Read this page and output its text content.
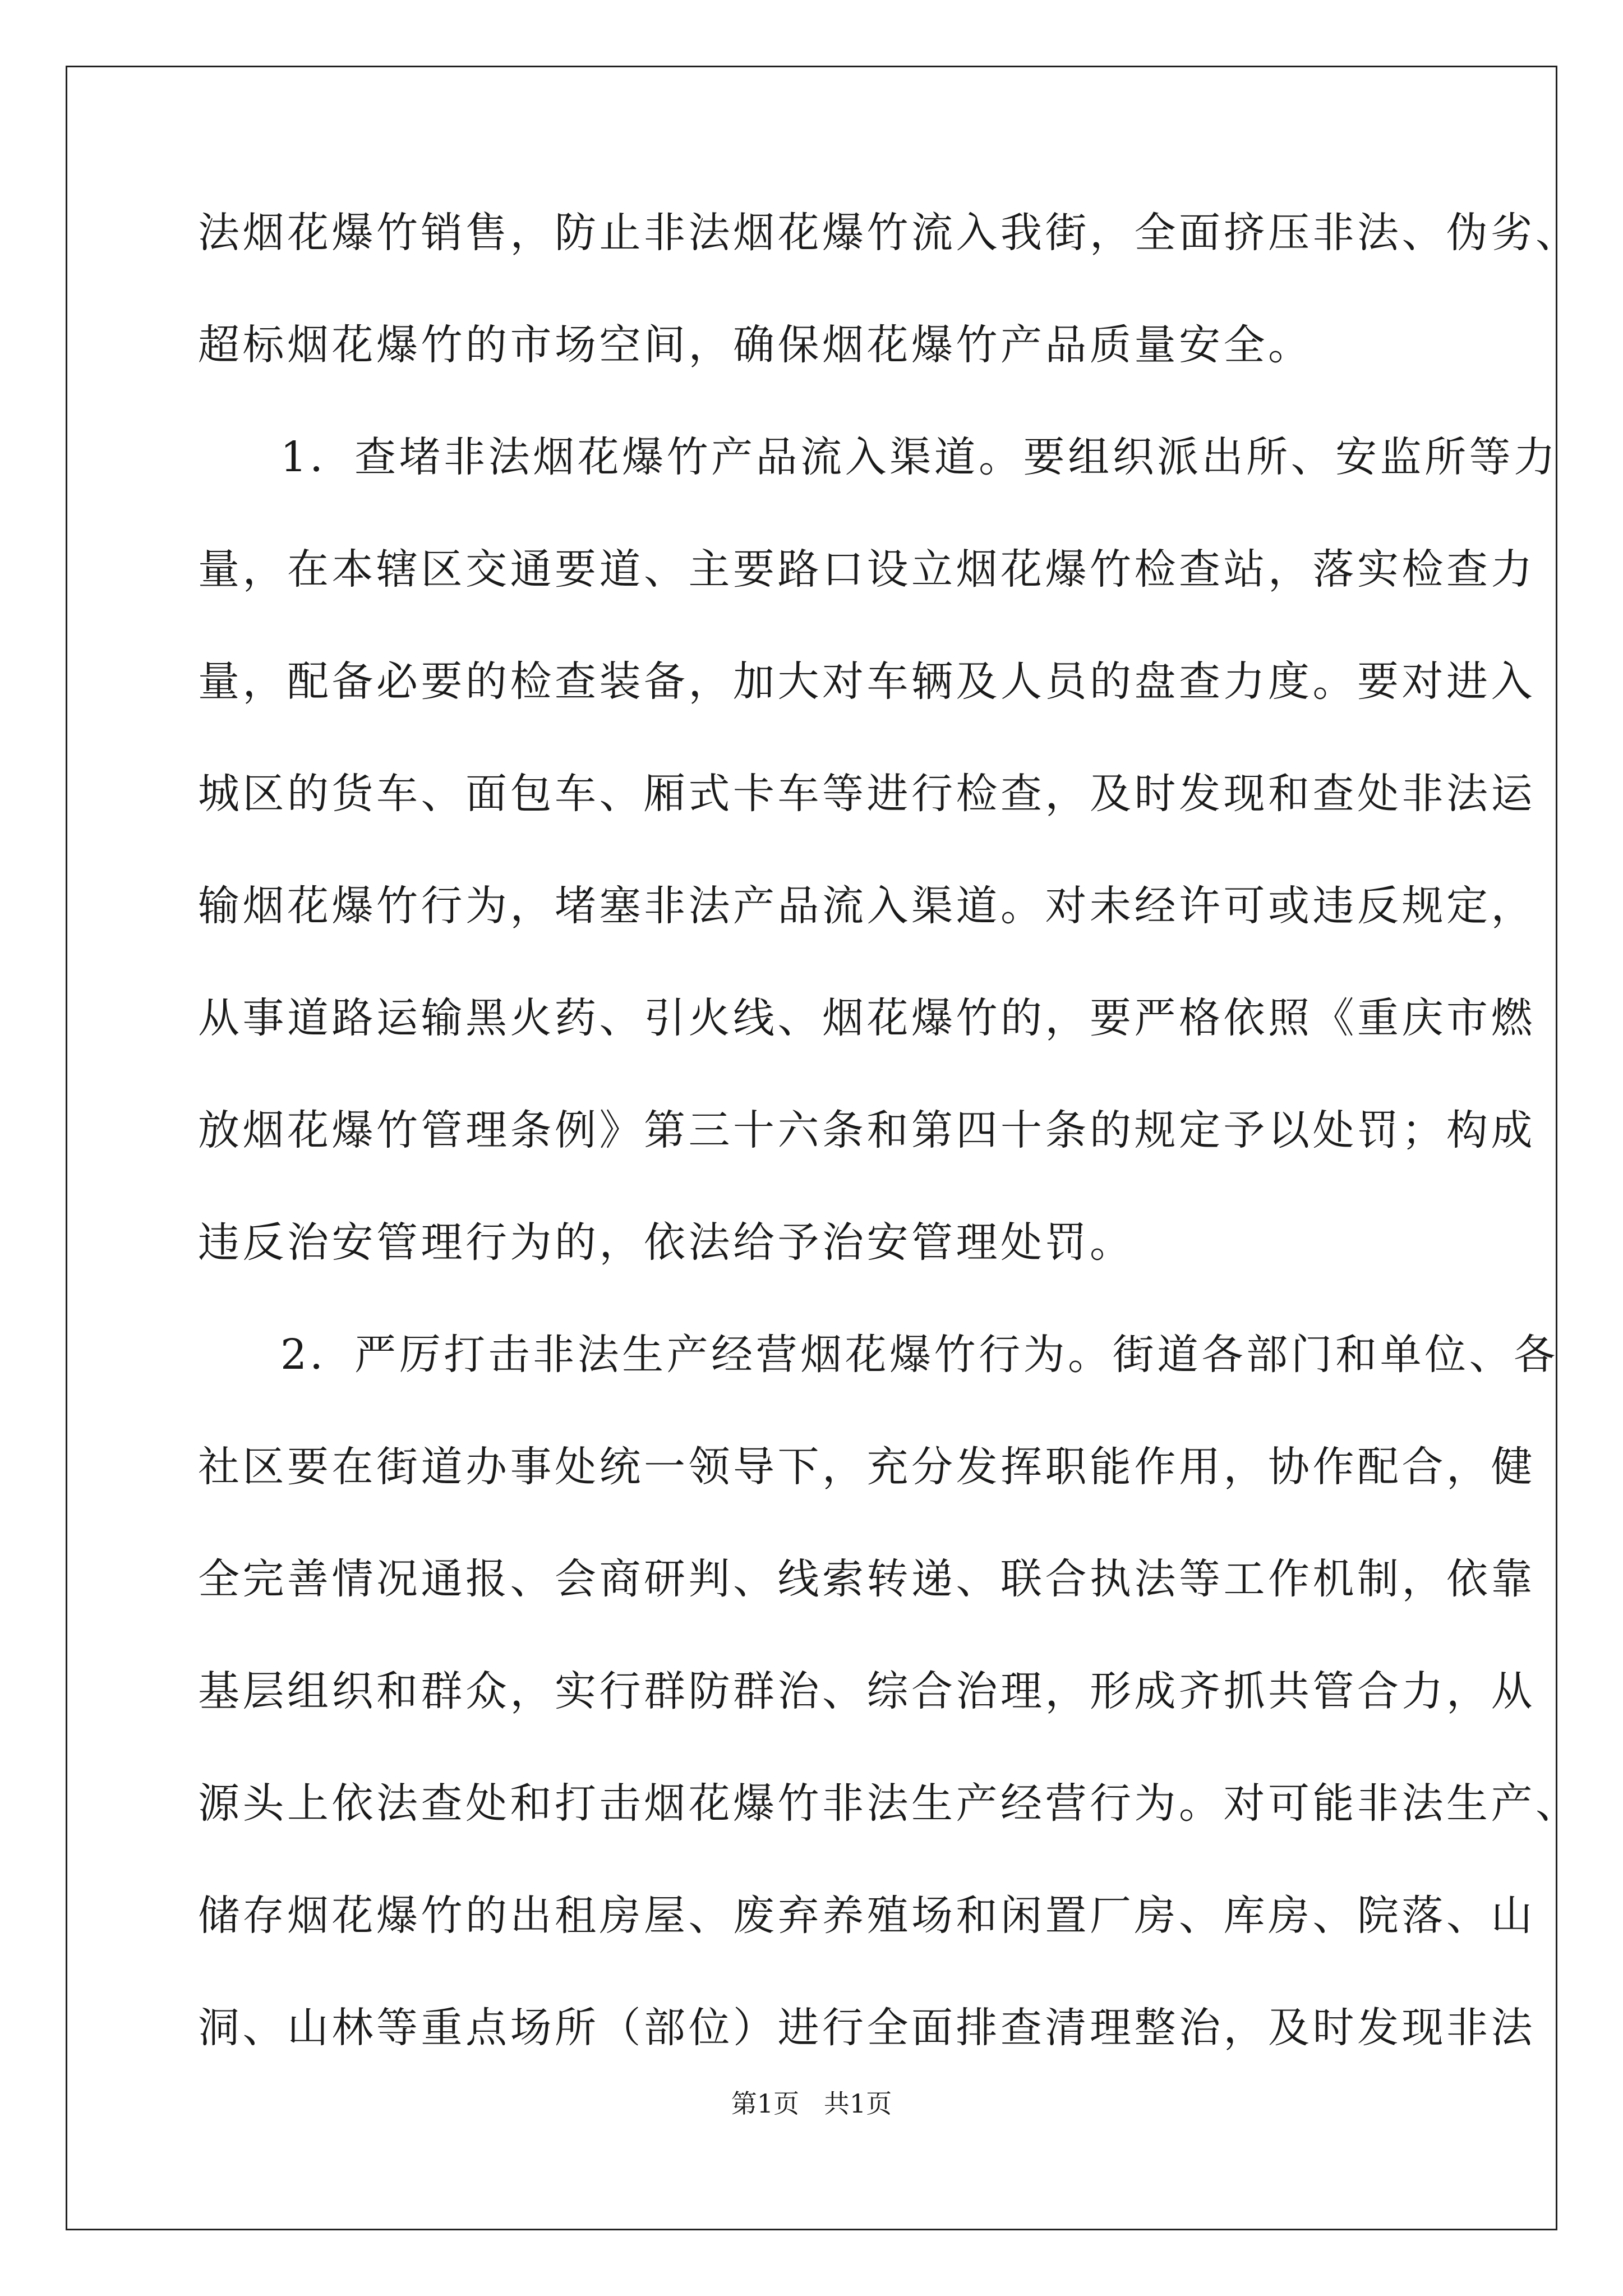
法烟花爆竹销售，防止非法烟花爆竹流入我街，全面挤压非法、伪劣、
超标烟花爆竹的市场空间，确保烟花爆竹产品质量安全。
1．查堵非法烟花爆竹产品流入渠道。要组织派出所、安监所等力
量，在本辖区交通要道、主要路口设立烟花爆竹检查站，落实检查力
量，配备必要的检查装备，加大对车辆及人员的盘查力度。要对进入
城区的货车、面包车、厢式卡车等进行检查，及时发现和查处非法运
输烟花爆竹行为，堵塞非法产品流入渠道。对未经许可或违反规定，
从事道路运输黑火药、引火线、烟花爆竹的，要严格依照《重庆市燃
放烟花爆竹管理条例》第三十六条和第四十条的规定予以处罚；构成
违反治安管理行为的，依法给予治安管理处罚。
2．严厉打击非法生产经营烟花爆竹行为。街道各部门和单位、各
社区要在街道办事处统一领导下，充分发挥职能作用，协作配合，健
全完善情况通报、会商研判、线索转递、联合执法等工作机制，依靠
基层组织和群众，实行群防群治、综合治理，形成齐抓共管合力，从
源头上依法查处和打击烟花爆竹非法生产经营行为。对可能非法生产、
储存烟花爆竹的出租房屋、废弃养殖场和闲置厂房、库房、院落、山
洞、山林等重点场所（部位）进行全面排查清理整治，及时发现非法
第1页   共1页
